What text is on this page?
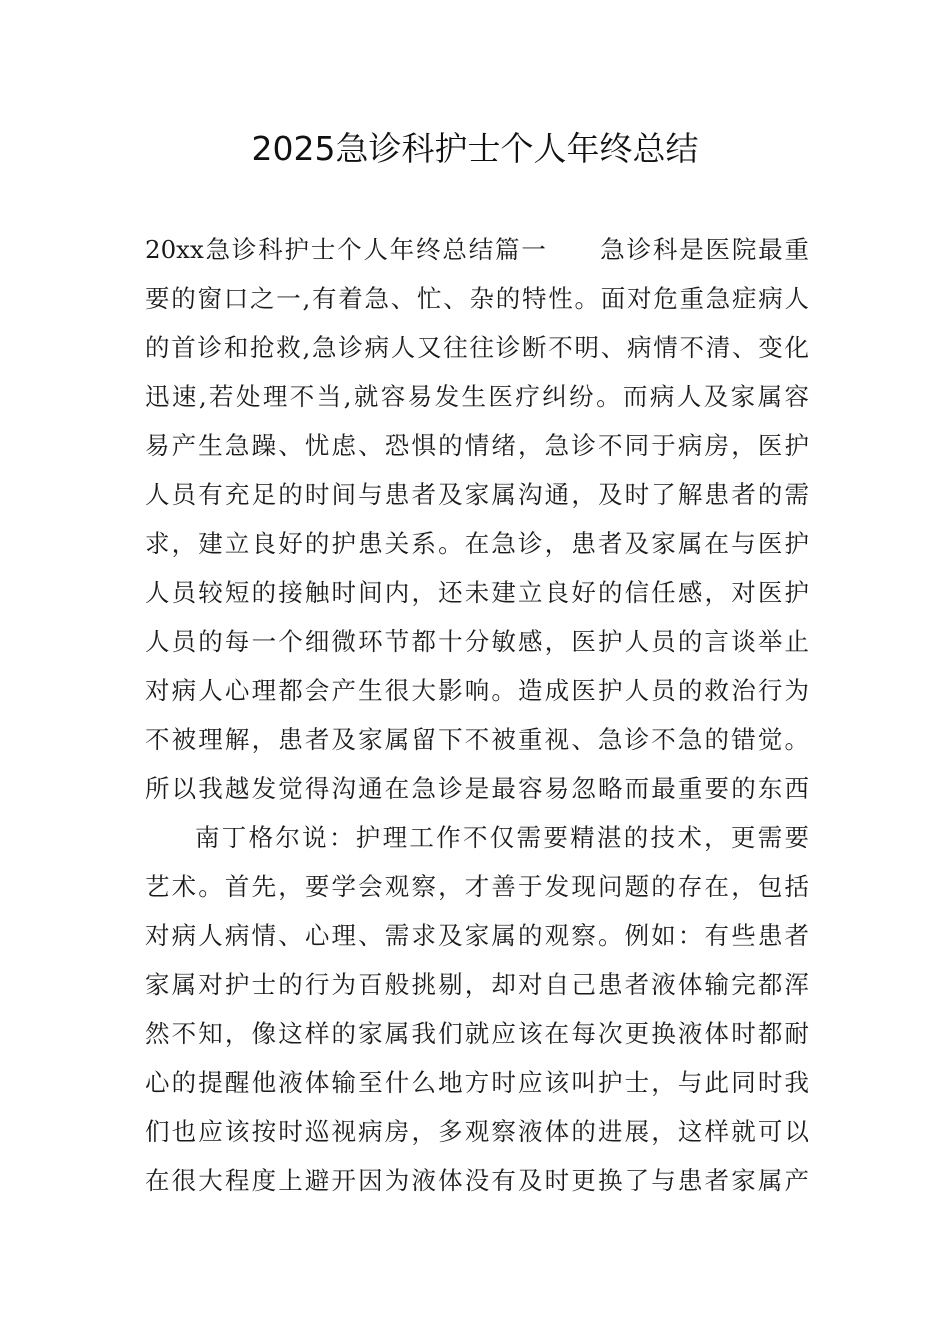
2025急诊科护士个人年终总结
20xx急诊科护士个人年终总结篇一　　急诊科是医院最重
要的窗口之一,有着急、忙、杂的特性。面对危重急症病人
的首诊和抢救,急诊病人又往往诊断不明、病情不清、变化
迅速,若处理不当,就容易发生医疗纠纷。而病人及家属容
易产生急躁、忧虑、恐惧的情绪，急诊不同于病房，医护
人员有充足的时间与患者及家属沟通，及时了解患者的需
求，建立良好的护患关系。在急诊，患者及家属在与医护
人员较短的接触时间内，还未建立良好的信任感，对医护
人员的每一个细微环节都十分敏感，医护人员的言谈举止
对病人心理都会产生很大影响。造成医护人员的救治行为
不被理解，患者及家属留下不被重视、急诊不急的错觉。
所以我越发觉得沟通在急诊是最容易忽略而最重要的东西
南丁格尔说：护理工作不仅需要精湛的技术，更需要
艺术。首先，要学会观察，才善于发现问题的存在，包括
对病人病情、心理、需求及家属的观察。例如：有些患者
家属对护士的行为百般挑剔，却对自己患者液体输完都浑
然不知，像这样的家属我们就应该在每次更换液体时都耐
心的提醒他液体输至什么地方时应该叫护士，与此同时我
们也应该按时巡视病房，多观察液体的进展，这样就可以
在很大程度上避开因为液体没有及时更换了与患者家属产
